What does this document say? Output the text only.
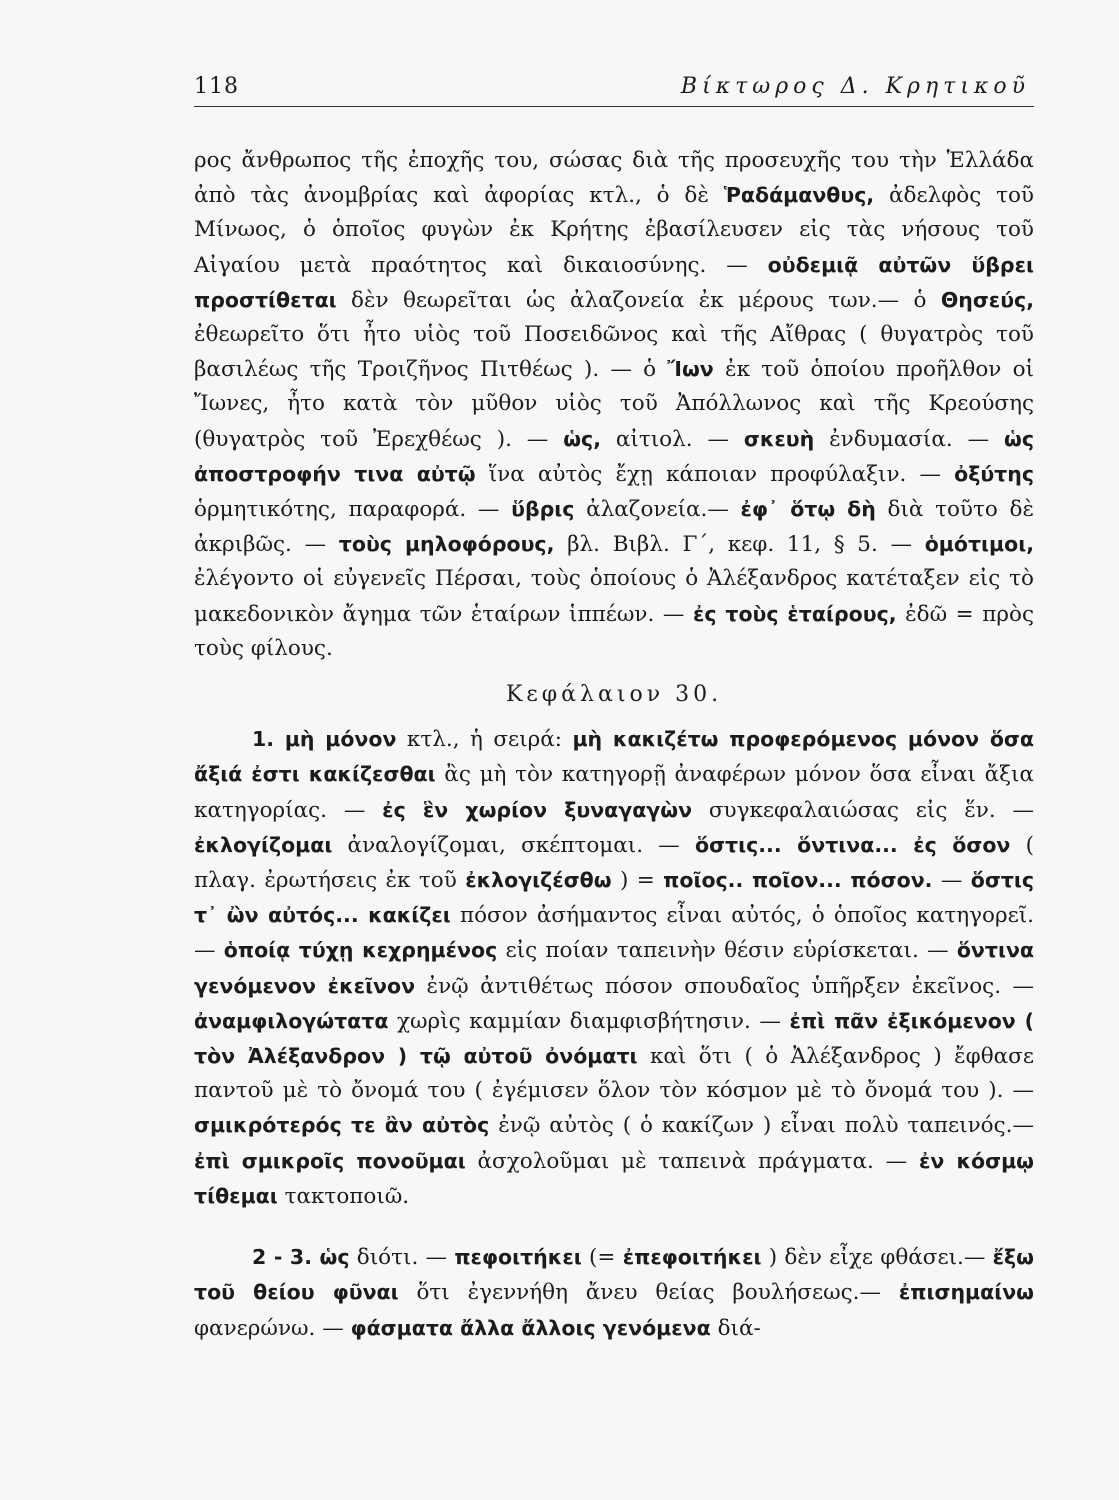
118	Βίκτωρος Δ. Κρητικοῦ

ρος ἄνθρωπος τῆς ἐποχῆς του, σώσας διὰ τῆς προσευχῆς του τὴν Ἑλλάδα ἀπὸ τὰς ἀνομβρίας καὶ ἀφορίας κτλ., ὁ δὲ Ῥαδάμανθυς, ἀδελφὸς τοῦ Μίνωος, ὁ ὁποῖος φυγὼν ἐκ Κρήτης ἐβασίλευσεν εἰς τὰς νήσους τοῦ Αἰγαίου μετὰ πραότητος καὶ δικαιοσύνης. — οὐδεμιᾷ αὐτῶν ὕβρει προστίθεται δὲν θεωρεῖται ὡς ἀλαζονεία ἐκ μέρους των.— ὁ Θησεύς, ἐθεωρεῖτο ὅτι ἦτο υἱὸς τοῦ Ποσειδῶνος καὶ τῆς Αἴθρας ( θυγατρὸς τοῦ βασιλέως τῆς Τροιζῆνος Πιτθέως ). — ὁ Ἴων ἐκ τοῦ ὁποίου προῆλθον οἱ Ἴωνες, ἦτο κατὰ τὸν μῦθον υἱὸς τοῦ Ἀπόλλωνος καὶ τῆς Κρεούσης (θυγατρὸς τοῦ Ἐρεχθέως ). — ὡς, αἰτιολ. — σκευὴ ἐνδυμασία. — ὡς ἀποστροφήν τινα αὐτῷ ἵνα αὐτὸς ἔχῃ κάποιαν προφύλαξιν. — ὀξύτης ὁρμητικότης, παραφορά. — ὕβρις ἀλαζονεία.— ἐφ᾽ ὅτῳ δὴ διὰ τοῦτο δὲ ἀκριβῶς. — τοὺς μηλοφόρους, βλ. Βιβλ. Γ΄, κεφ. 11, § 5. — ὁμότιμοι, ἐλέγοντο οἱ εὐγενεῖς Πέρσαι, τοὺς ὁποίους ὁ Ἀλέξανδρος κατέταξεν εἰς τὸ μακεδονικὸν ἄγημα τῶν ἑταίρων ἱππέων. — ἐς τοὺς ἑταίρους, ἐδῶ = πρὸς τοὺς φίλους.

Κεφάλαιον 30.

1. μὴ μόνον κτλ., ἡ σειρά: μὴ κακιζέτω προφερόμενος μόνον ὅσα ἄξιά ἐστι κακίζεσθαι ἂς μὴ τὸν κατηγορῇ ἀναφέρων μόνον ὅσα εἶναι ἄξια κατηγορίας. — ἐς ἓν χωρίον ξυναγαγὼν συγκεφαλαιώσας εἰς ἕν. — ἐκλογίζομαι ἀναλογίζομαι, σκέπτομαι. — ὅστις... ὅντινα... ἐς ὅσον ( πλαγ. ἐρωτήσεις ἐκ τοῦ ἐκλογιζέσθω ) = ποῖος.. ποῖον... πόσον. — ὅστις τ᾽ ὢν αὐτός... κακίζει πόσον ἀσήμαντος εἶναι αὐτός, ὁ ὁποῖος κατηγορεῖ. — ὁποίᾳ τύχῃ κεχρημένος εἰς ποίαν ταπεινὴν θέσιν εὑρίσκεται. — ὅντινα γενόμενον ἐκεῖνον ἐνῷ ἀντιθέτως πόσον σπουδαῖος ὑπῆρξεν ἐκεῖνος. — ἀναμφιλογώτατα χωρὶς καμμίαν διαμφισβήτησιν. — ἐπὶ πᾶν ἐξικόμενον ( τὸν Ἀλέξανδρον ) τῷ αὐτοῦ ὀνόματι καὶ ὅτι ( ὁ Ἀλέξανδρος ) ἔφθασε παντοῦ μὲ τὸ ὄνομά του ( ἐγέμισεν ὅλον τὸν κόσμον μὲ τὸ ὄνομά του ). — σμικρότερός τε ἂν αὐτὸς ἐνῷ αὐτὸς ( ὁ κακίζων ) εἶναι πολὺ ταπεινός.— ἐπὶ σμικροῖς πονοῦμαι ἀσχολοῦμαι μὲ ταπεινὰ πράγματα. — ἐν κόσμῳ τίθεμαι τακτοποιῶ.

2 - 3. ὡς διότι. — πεφοιτήκει (= ἐπεφοιτήκει ) δὲν εἶχε φθάσει.— ἔξω τοῦ θείου φῦναι ὅτι ἐγεννήθη ἄνευ θείας βουλήσεως.— ἐπισημαίνω φανερώνω. — φάσματα ἄλλα ἄλλοις γενόμενα διά-
